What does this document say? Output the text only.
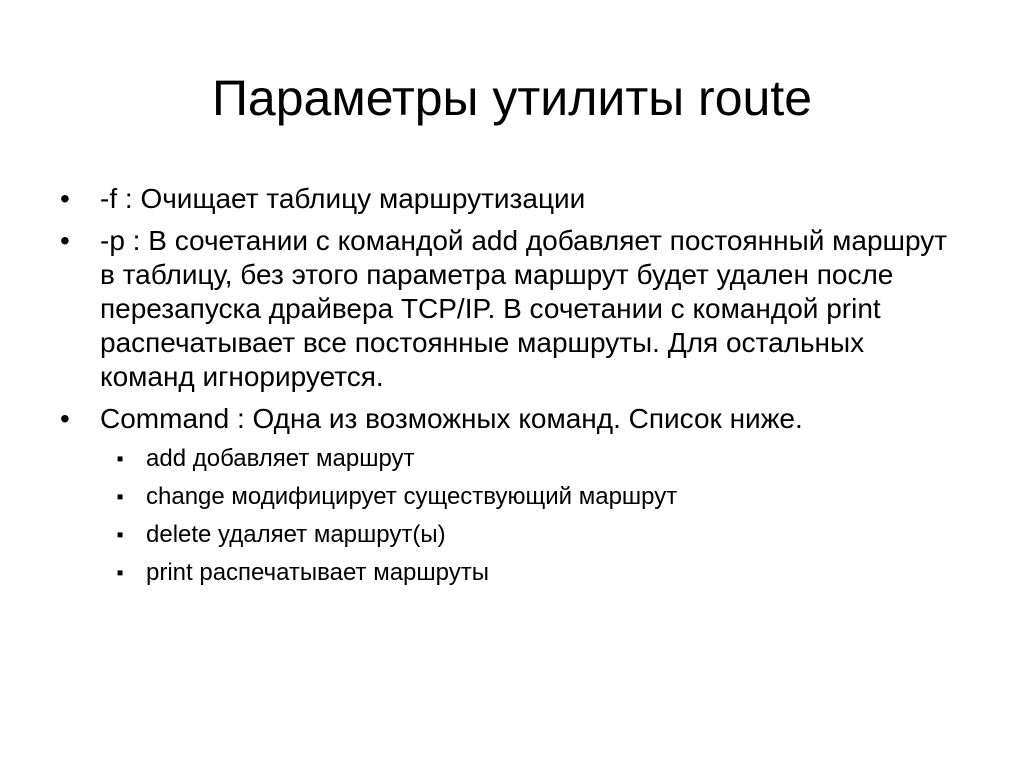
Параметры утилиты route
•	-f : Очищает таблицу маршрутизации
•	-p : В сочетании с командой add добавляет постоянный маршрут в таблицу, без этого параметра маршрут будет удален после перезапуска драйвера TCP/IP. В сочетании с командой print распечатывает все постоянные маршруты. Для остальных команд игнорируется.
•	Command : Одна из возможных команд. Список ниже.
▪ add добавляет маршрут
▪ change модифицирует существующий маршрут
▪ delete удаляет маршрут(ы)
▪ print распечатывает маршруты
